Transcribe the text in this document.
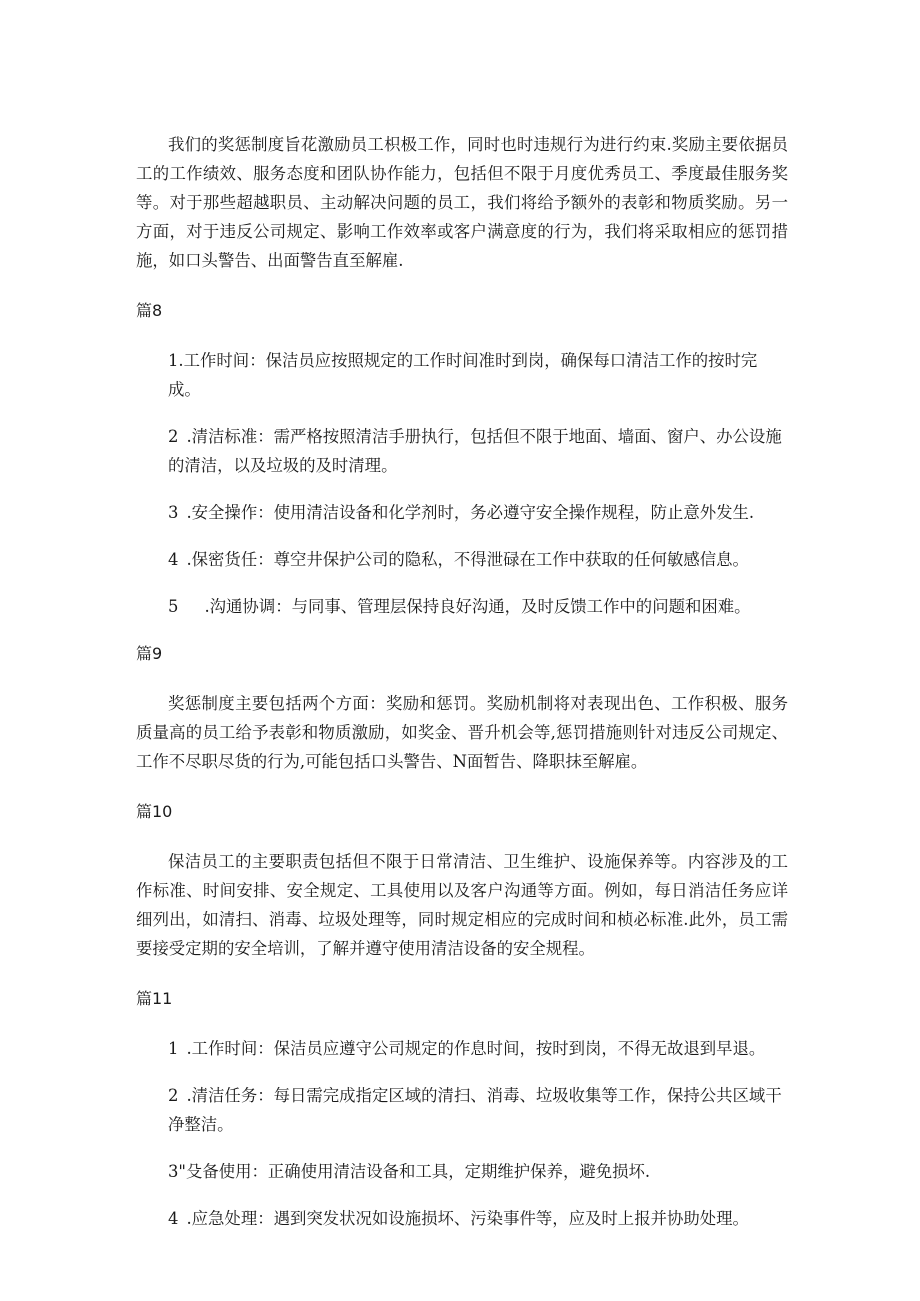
我们的奖惩制度旨花激励员工枳极工作，同时也时违规行为进行约束.奖励主要依据员工的工作绩效、服务态度和团队协作能力，包括但不限于月度优秀员工、季度最佳服务奖等。对于那些超越职员、主动解决问题的员工，我们将给予额外的表彰和物质奖励。另一方面，对于违反公司规定、影响工作效率或客户满意度的行为，我们将采取相应的惩罚措施，如口头警告、出面警告直至解雇.

篇8

1.工作时间：保洁员应按照规定的工作时间准时到岗，确保每口清洁工作的按时完成。

2 .清洁标准：需严格按照清洁手册执行，包括但不限于地面、墙面、窗户、办公设施的清洁，以及垃圾的及时清理。

3 .安全操作：使用清洁设备和化学剂时，务必遵守安全操作规程，防止意外发生.

4 .保密货任：尊空井保护公司的隐私，不得泄碌在工作中获取的任何敏感信息。

5 .沟通协调：与同事、管理层保持良好沟通，及时反馈工作中的问题和困难。

篇9

奖惩制度主要包括两个方面：奖励和惩罚。奖励机制将对表现出色、工作积极、服务质量高的员工给予表彰和物质激励，如奖金、晋升机会等,惩罚措施则针对违反公司规定、工作不尽职尽货的行为,可能包括口头警告、N面暂告、降职抹至解雇。

篇10

保洁员工的主要职责包括但不限于日常清洁、卫生维护、设施保养等。内容涉及的工作标准、时间安排、安全规定、工具使用以及客户沟通等方面。例如，每日消洁任务应详细列出，如清扫、消毒、垃圾处理等，同时规定相应的完成时间和桢必标准.此外，员工需要接受定期的安全培训，了解并遵守使用清洁设备的安全规程。

篇11

1 .工作时间：保洁员应遵守公司规定的作息时间，按时到岗，不得无故退到早退。

2 .清洁任务：每日需完成指定区域的清扫、消毒、垃圾收集等工作，保持公共区域干净整洁。

3"殳备使用：正确使用清洁设备和工具，定期维护保养，避免损坏.

4 .应急处理：遇到突发状况如设施损坏、污染事件等，应及时上报并协助处理。
